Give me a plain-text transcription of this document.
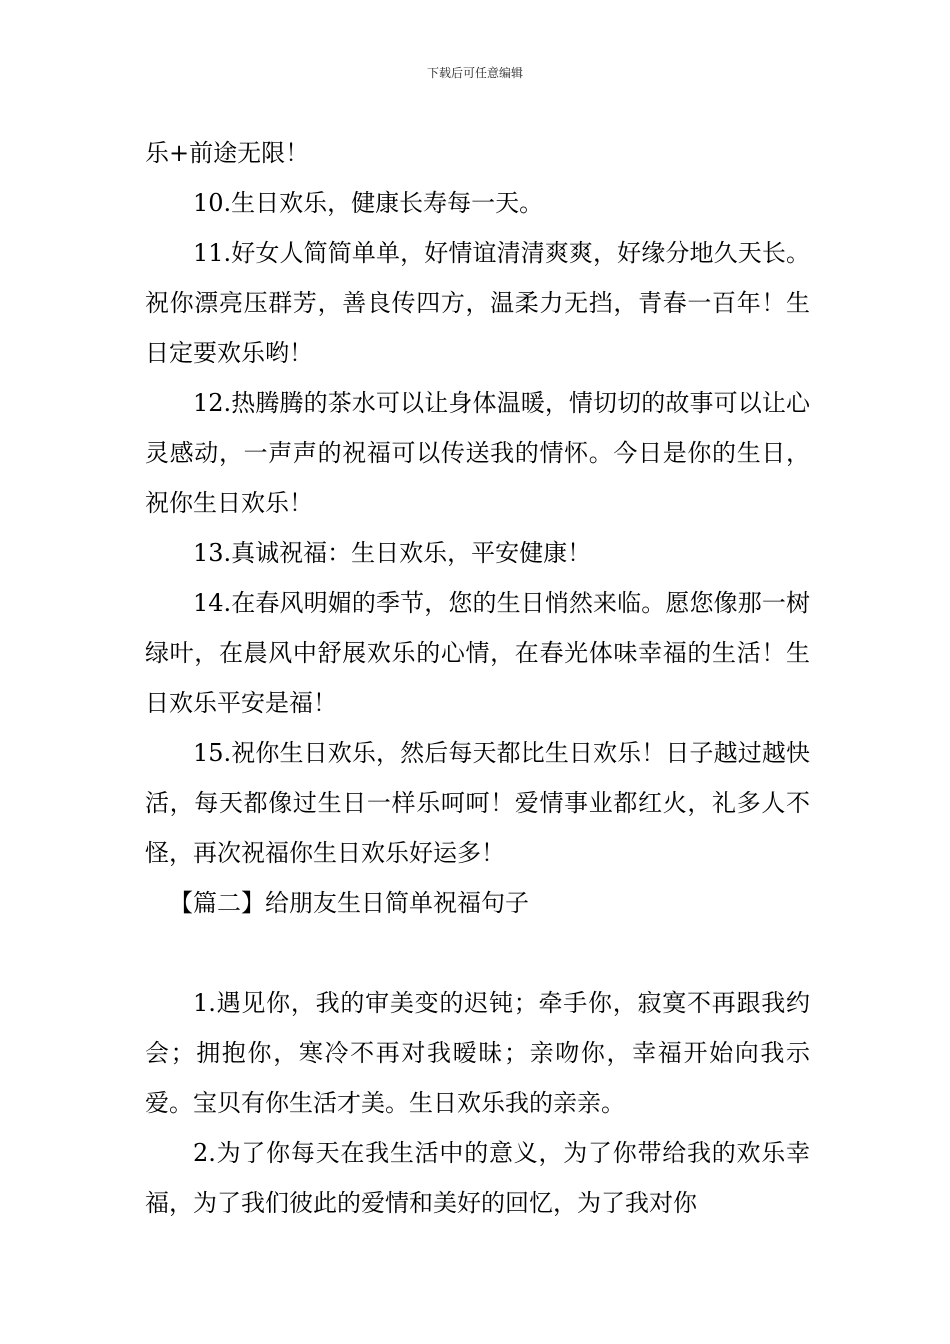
下载后可任意编辑

乐+前途无限！

10.生日欢乐，健康长寿每一天。

11.好女人简简单单，好情谊清清爽爽，好缘分地久天长。祝你漂亮压群芳，善良传四方，温柔力无挡，青春一百年！生日定要欢乐哟！

12.热腾腾的茶水可以让身体温暖，情切切的故事可以让心灵感动，一声声的祝福可以传送我的情怀。今日是你的生日，祝你生日欢乐！

13.真诚祝福：生日欢乐，平安健康！

14.在春风明媚的季节，您的生日悄然来临。愿您像那一树绿叶，在晨风中舒展欢乐的心情，在春光体味幸福的生活！生日欢乐平安是福！

15.祝你生日欢乐，然后每天都比生日欢乐！日子越过越快活，每天都像过生日一样乐呵呵！爱情事业都红火，礼多人不怪，再次祝福你生日欢乐好运多！

【篇二】给朋友生日简单祝福句子

1.遇见你，我的审美变的迟钝；牵手你，寂寞不再跟我约会；拥抱你，寒冷不再对我暧昧；亲吻你，幸福开始向我示爱。宝贝有你生活才美。生日欢乐我的亲亲。

2.为了你每天在我生活中的意义，为了你带给我的欢乐幸福，为了我们彼此的爱情和美好的回忆，为了我对你
